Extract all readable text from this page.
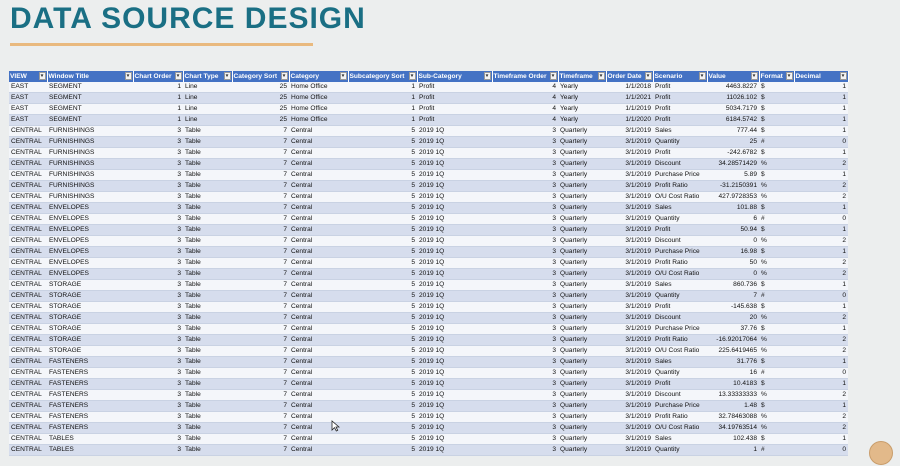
DATA SOURCE DESIGN
VIEW ▾	Window Title ▾	Chart Order ▾	Chart Type ▾	Category Sort ▾	Category ▾	Subcategory Sort ▾	Sub-Category ▾	Timeframe Order ▾	Timeframe ▾	Order Date ▾	Scenario ▾	Value ▾	Format ▾	Decimal ▾

EAST	SEGMENT	1	Line	25	Home Office	1	Profit	4	Yearly	1/1/2018	Profit	4463.8227	$	1
EAST	SEGMENT	1	Line	25	Home Office	1	Profit	4	Yearly	1/1/2021	Profit	11026.102	$	1
EAST	SEGMENT	1	Line	25	Home Office	1	Profit	4	Yearly	1/1/2019	Profit	5034.7179	$	1
EAST	SEGMENT	1	Line	25	Home Office	1	Profit	4	Yearly	1/1/2020	Profit	6184.5742	$	1
CENTRAL	FURNISHINGS	3	Table	7	Central	5	2019 1Q	3	Quarterly	3/1/2019	Sales	777.44	$	1
CENTRAL	FURNISHINGS	3	Table	7	Central	5	2019 1Q	3	Quarterly	3/1/2019	Quantity	25	#	0
CENTRAL	FURNISHINGS	3	Table	7	Central	5	2019 1Q	3	Quarterly	3/1/2019	Profit	-242.6782	$	1
CENTRAL	FURNISHINGS	3	Table	7	Central	5	2019 1Q	3	Quarterly	3/1/2019	Discount	34.28571429	%	2
CENTRAL	FURNISHINGS	3	Table	7	Central	5	2019 1Q	3	Quarterly	3/1/2019	Purchase Price	5.89	$	1
CENTRAL	FURNISHINGS	3	Table	7	Central	5	2019 1Q	3	Quarterly	3/1/2019	Profit Ratio	-31.2150391	%	2
CENTRAL	FURNISHINGS	3	Table	7	Central	5	2019 1Q	3	Quarterly	3/1/2019	O/U Cost Ratio	427.9728353	%	2
CENTRAL	ENVELOPES	3	Table	7	Central	5	2019 1Q	3	Quarterly	3/1/2019	Sales	101.88	$	1
CENTRAL	ENVELOPES	3	Table	7	Central	5	2019 1Q	3	Quarterly	3/1/2019	Quantity	6	#	0
CENTRAL	ENVELOPES	3	Table	7	Central	5	2019 1Q	3	Quarterly	3/1/2019	Profit	50.94	$	1
CENTRAL	ENVELOPES	3	Table	7	Central	5	2019 1Q	3	Quarterly	3/1/2019	Discount	0	%	2
CENTRAL	ENVELOPES	3	Table	7	Central	5	2019 1Q	3	Quarterly	3/1/2019	Purchase Price	16.98	$	1
CENTRAL	ENVELOPES	3	Table	7	Central	5	2019 1Q	3	Quarterly	3/1/2019	Profit Ratio	50	%	2
CENTRAL	ENVELOPES	3	Table	7	Central	5	2019 1Q	3	Quarterly	3/1/2019	O/U Cost Ratio	0	%	2
CENTRAL	STORAGE	3	Table	7	Central	5	2019 1Q	3	Quarterly	3/1/2019	Sales	860.736	$	1
CENTRAL	STORAGE	3	Table	7	Central	5	2019 1Q	3	Quarterly	3/1/2019	Quantity	7	#	0
CENTRAL	STORAGE	3	Table	7	Central	5	2019 1Q	3	Quarterly	3/1/2019	Profit	-145.638	$	1
CENTRAL	STORAGE	3	Table	7	Central	5	2019 1Q	3	Quarterly	3/1/2019	Discount	20	%	2
CENTRAL	STORAGE	3	Table	7	Central	5	2019 1Q	3	Quarterly	3/1/2019	Purchase Price	37.76	$	1
CENTRAL	STORAGE	3	Table	7	Central	5	2019 1Q	3	Quarterly	3/1/2019	Profit Ratio	-16.92017064	%	2
CENTRAL	STORAGE	3	Table	7	Central	5	2019 1Q	3	Quarterly	3/1/2019	O/U Cost Ratio	225.6419465	%	2
CENTRAL	FASTENERS	3	Table	7	Central	5	2019 1Q	3	Quarterly	3/1/2019	Sales	31.776	$	1
CENTRAL	FASTENERS	3	Table	7	Central	5	2019 1Q	3	Quarterly	3/1/2019	Quantity	16	#	0
CENTRAL	FASTENERS	3	Table	7	Central	5	2019 1Q	3	Quarterly	3/1/2019	Profit	10.4183	$	1
CENTRAL	FASTENERS	3	Table	7	Central	5	2019 1Q	3	Quarterly	3/1/2019	Discount	13.33333333	%	2
CENTRAL	FASTENERS	3	Table	7	Central	5	2019 1Q	3	Quarterly	3/1/2019	Purchase Price	1.48	$	1
CENTRAL	FASTENERS	3	Table	7	Central	5	2019 1Q	3	Quarterly	3/1/2019	Profit Ratio	32.78463088	%	2
CENTRAL	FASTENERS	3	Table	7	Central	5	2019 1Q	3	Quarterly	3/1/2019	O/U Cost Ratio	34.19763514	%	2
CENTRAL	TABLES	3	Table	7	Central	5	2019 1Q	3	Quarterly	3/1/2019	Sales	102.438	$	1
CENTRAL	TABLES	3	Table	7	Central	5	2019 1Q	3	Quarterly	3/1/2019	Quantity	1	#	0
